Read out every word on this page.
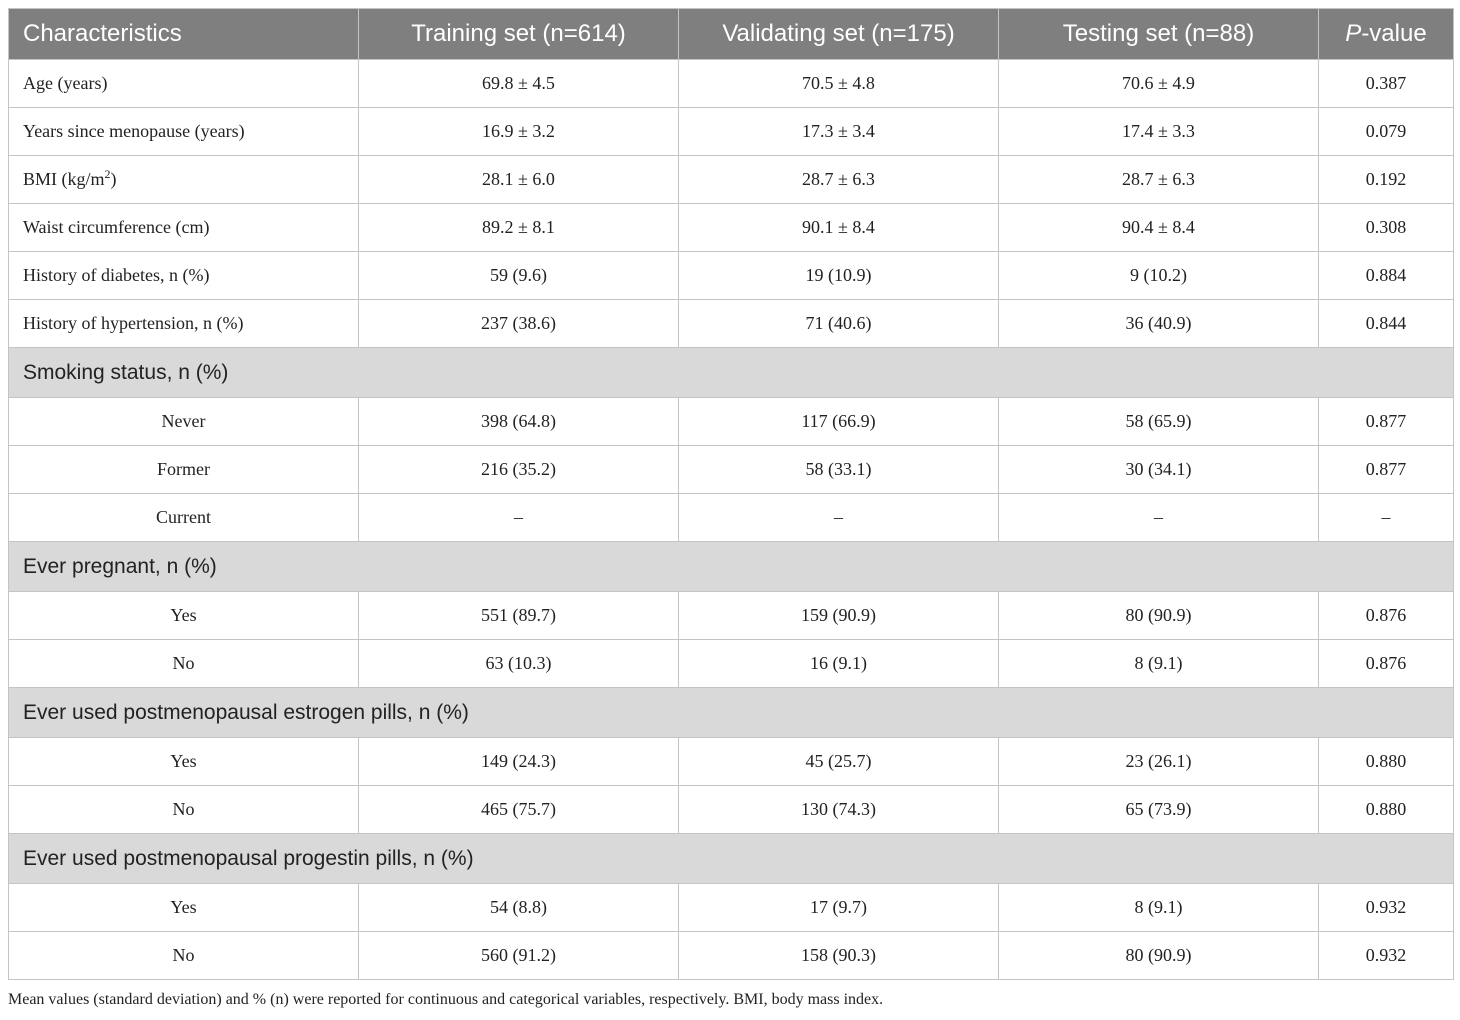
Characteristics	Training set (n=614)	Validating set (n=175)	Testing set (n=88)	P-value
Age (years)	69.8 ± 4.5	70.5 ± 4.8	70.6 ± 4.9	0.387
Years since menopause (years)	16.9 ± 3.2	17.3 ± 3.4	17.4 ± 3.3	0.079
BMI $(kg/m^2)$	28.1 ± 6.0	28.7 ± 6.3	28.7 ± 6.3	0.192
Waist circumference (cm)	89.2 ± 8.1	90.1 ± 8.4	90.4 ± 8.4	0.308
History of diabetes, n (%)	59 (9.6)	19 (10.9)	9 (10.2)	0.884
History of hypertension, n (%)	237 (38.6)	71 (40.6)	36 (40.9)	0.844
Smoking status, n (%)				
Never	398 (64.8)	117 (66.9)	58 (65.9)	0.877
Former	216 (35.2)	58 (33.1)	30 (34.1)	0.877
Current	–	–	–	–
Ever pregnant, n (%)				
Yes	551 (89.7)	159 (90.9)	80 (90.9)	0.876
No	63 (10.3)	16 (9.1)	8 (9.1)	0.876
Ever used postmenopausal estrogen pills, n (%)				
Yes	149 (24.3)	45 (25.7)	23 (26.1)	0.880
No	465 (75.7)	130 (74.3)	65 (73.9)	0.880
Ever used postmenopausal progestin pills, n (%)				
Yes	54 (8.8)	17 (9.7)	8 (9.1)	0.932
No	560 (91.2)	158 (90.3)	80 (90.9)	0.932
Mean values (standard deviation) and % (n) were reported for continuous and categorical variables, respectively. BMI, body mass index.
